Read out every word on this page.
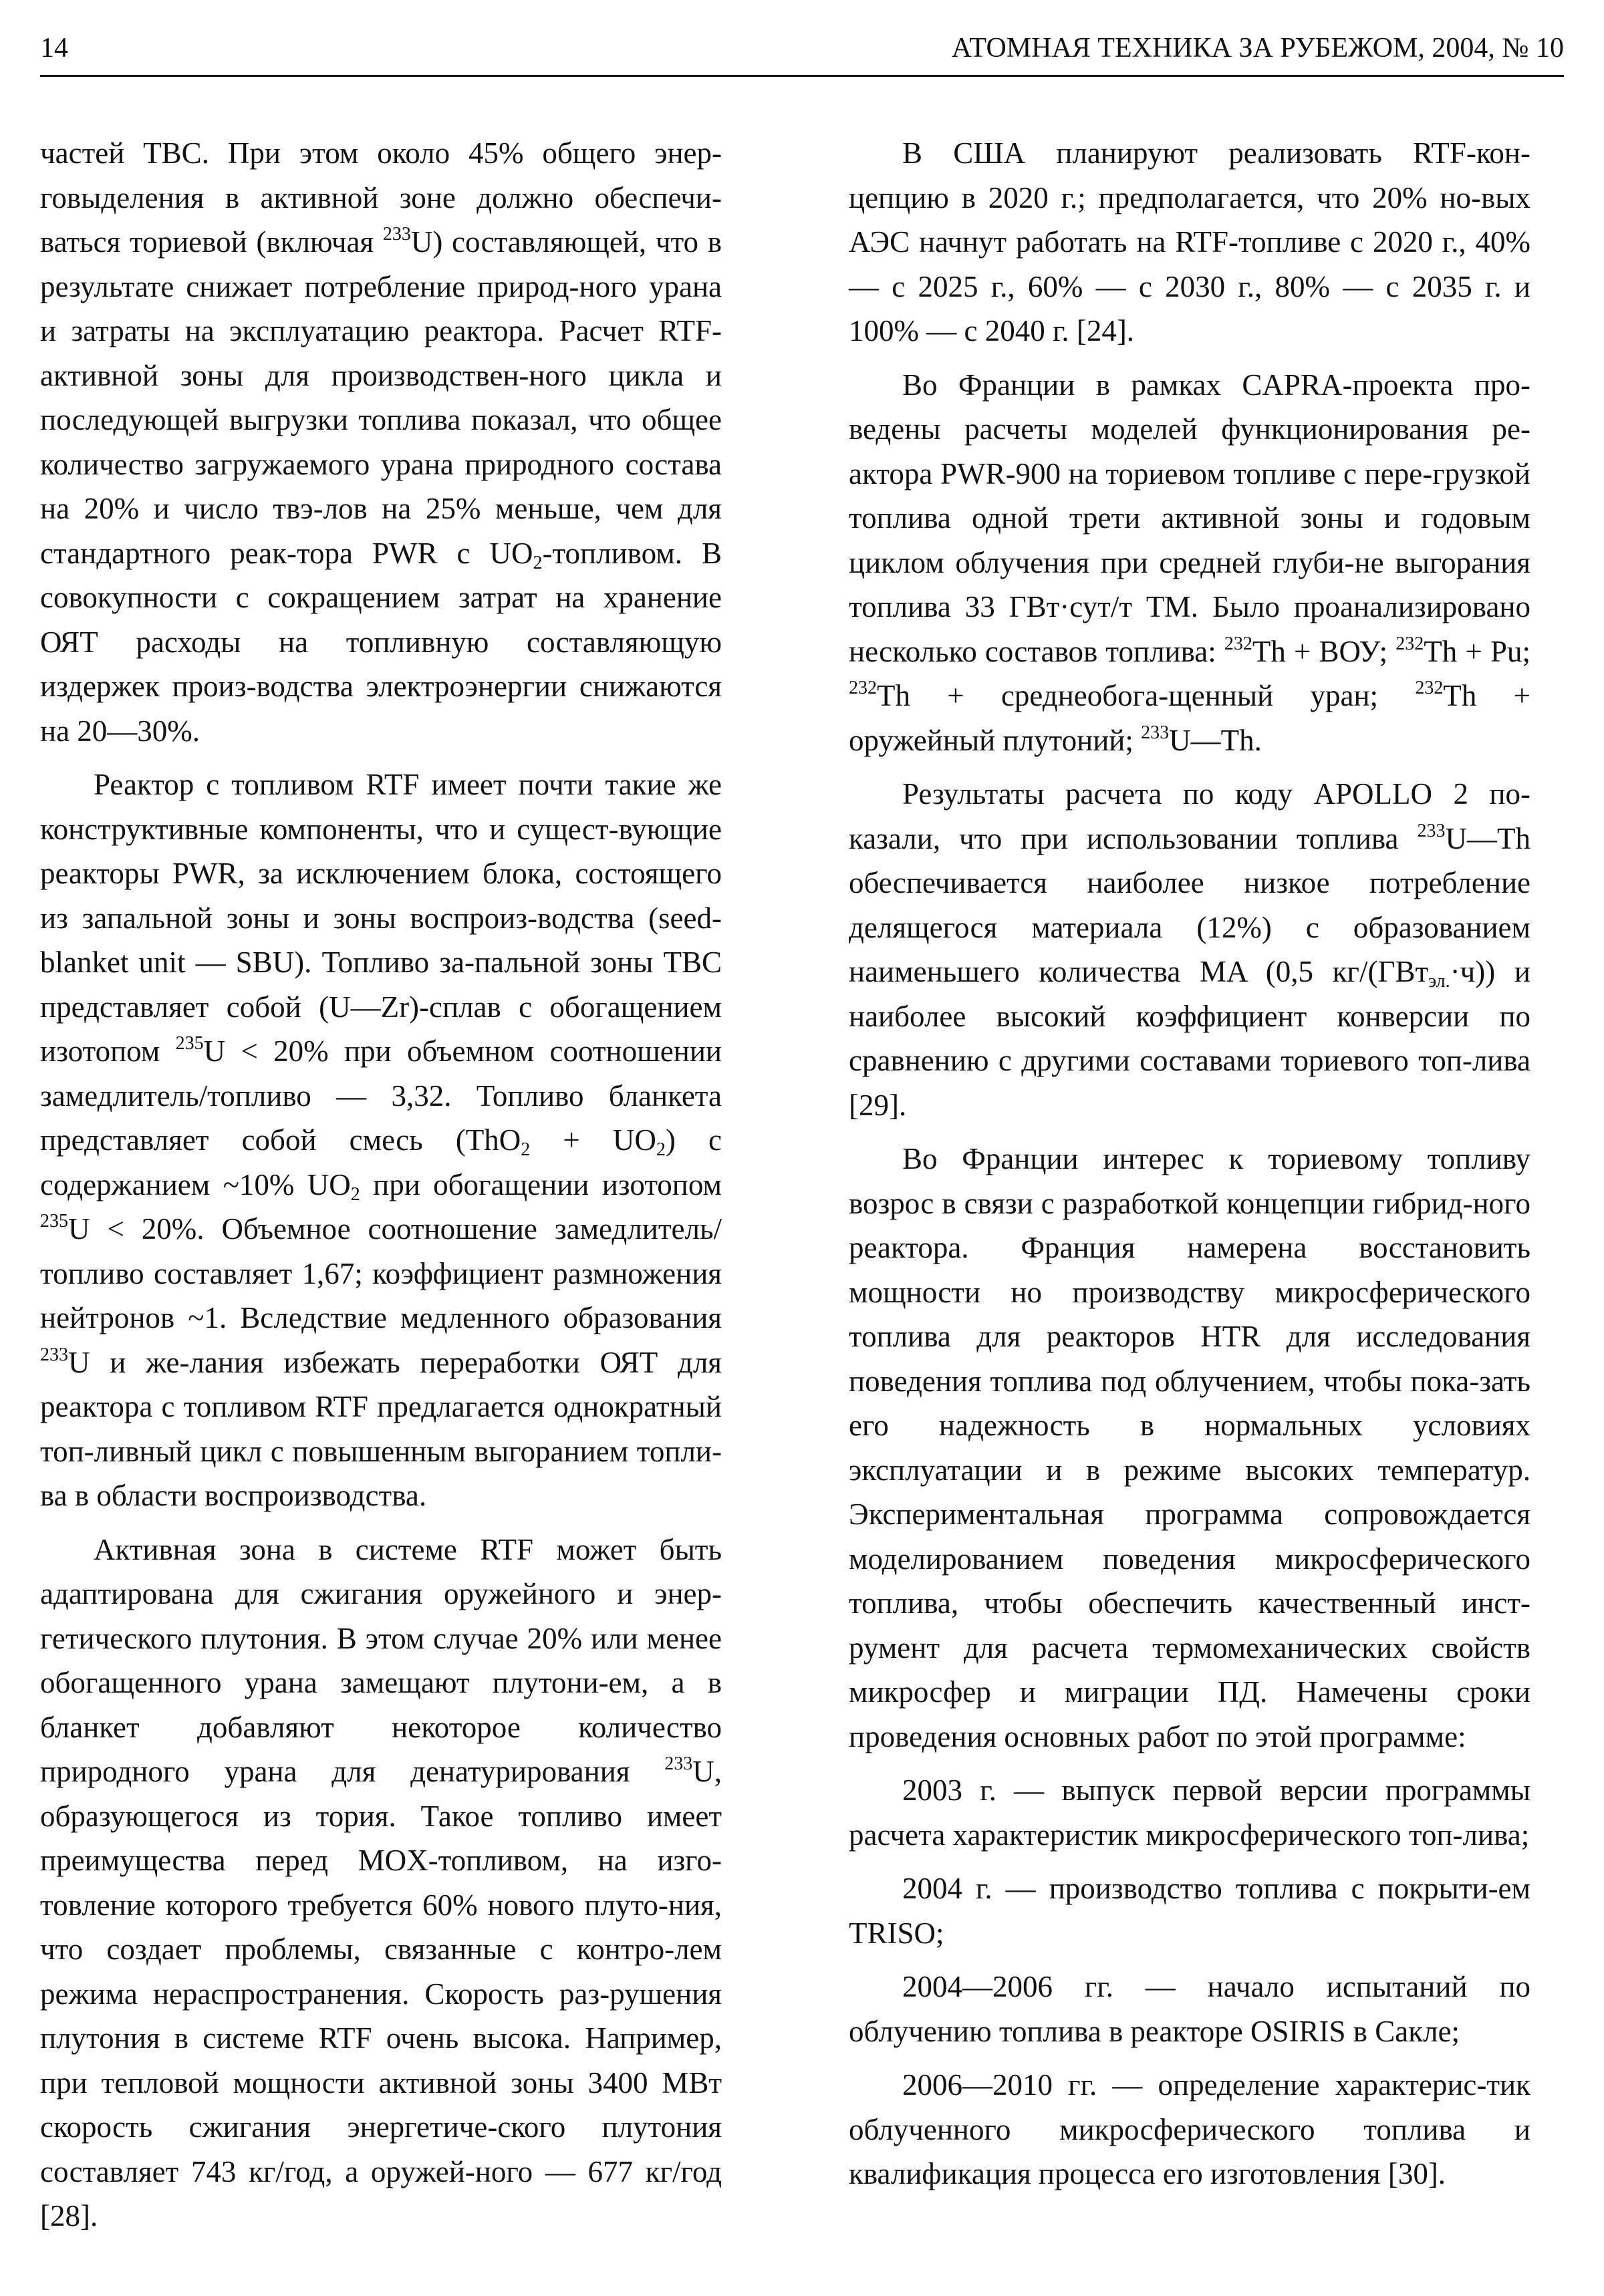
14	АТОМНАЯ ТЕХНИКА ЗА РУБЕЖОМ, 2004, № 10

частей ТВС. При этом около 45% общего энер-говыделения в активной зоне должно обеспечи-ваться ториевой (включая $^{233}$U) составляющей, что в результате снижает потребление природ-ного урана и затраты на эксплуатацию реактора. Расчет RTF-активной зоны для производствен-ного цикла и последующей выгрузки топлива показал, что общее количество загружаемого урана природного состава на 20% и число твэ-лов на 25% меньше, чем для стандартного реак-тора PWR с $UO_2$-топливом. В совокупности с сокращением затрат на хранение ОЯТ расходы на топливную составляющую издержек произ-водства электроэнергии снижаются на 20—30%.

Реактор с топливом RTF имеет почти такие же конструктивные компоненты, что и сущест-вующие реакторы PWR, за исключением блока, состоящего из запальной зоны и зоны воспроиз-водства (seed-blanket unit — SBU). Топливо за-пальной зоны ТВС представляет собой (U—Zr)-сплав с обогащением изотопом $^{235}$U < 20% при объемном соотношении замедлитель/топливо — 3,32. Топливо бланкета представляет собой смесь $(ThO_2 + UO_2)$ с содержанием ~10% $UO_2$ при обогащении изотопом $^{235}$U < 20%. Объемное соотношение замедлитель/топливо составляет 1,67; коэффициент размножения нейтронов ~1. Вследствие медленного образования $^{233}$U и же-лания избежать переработки ОЯТ для реактора с топливом RTF предлагается однократный топ-ливный цикл с повышенным выгоранием топли-ва в области воспроизводства.

Активная зона в системе RTF может быть адаптирована для сжигания оружейного и энер-гетического плутония. В этом случае 20% или менее обогащенного урана замещают плутони-ем, а в бланкет добавляют некоторое количество природного урана для денатурирования $^{233}$U, образующегося из тория. Такое топливо имеет преимущества перед MOX-топливом, на изго-товление которого требуется 60% нового плуто-ния, что создает проблемы, связанные с контро-лем режима нераспространения. Скорость раз-рушения плутония в системе RTF очень высока. Например, при тепловой мощности активной зоны 3400 МВт скорость сжигания энергетиче-ского плутония составляет 743 кг/год, а оружей-ного — 677 кг/год [28].

В США планируют реализовать RTF-кон-цепцию в 2020 г.; предполагается, что 20% но-вых АЭС начнут работать на RTF-топливе с 2020 г., 40% — с 2025 г., 60% — с 2030 г., 80% — с 2035 г. и 100% — с 2040 г. [24].

Во Франции в рамках CAPRA-проекта про-ведены расчеты моделей функционирования ре-актора PWR-900 на ториевом топливе с пере-грузкой топлива одной трети активной зоны и годовым циклом облучения при средней глуби-не выгорания топлива 33 ГВт·сут/т ТМ. Было проанализировано несколько составов топлива: $^{232}$Th + ВОУ; $^{232}$Th + Pu; $^{232}$Th + среднеобога-щенный уран; $^{232}$Th + оружейный плутоний; $^{233}$U—Th.

Результаты расчета по коду APOLLO 2 по-казали, что при использовании топлива $^{233}$U—Th обеспечивается наиболее низкое потребление делящегося материала (12%) с образованием наименьшего количества MA (0,5 кг/(ГВт$_{эл.}$·ч)) и наиболее высокий коэффициент конверсии по сравнению с другими составами ториевого топ-лива [29].

Во Франции интерес к ториевому топливу возрос в связи с разработкой концепции гибрид-ного реактора. Франция намерена восстановить мощности но производству микросферического топлива для реакторов HTR для исследования поведения топлива под облучением, чтобы пока-зать его надежность в нормальных условиях эксплуатации и в режиме высоких температур. Экспериментальная программа сопровождается моделированием поведения микросферического топлива, чтобы обеспечить качественный инст-румент для расчета термомеханических свойств микросфер и миграции ПД. Намечены сроки проведения основных работ по этой программе:

2003 г. — выпуск первой версии программы расчета характеристик микросферического топ-лива;

2004 г. — производство топлива с покрыти-ем TRISO;

2004—2006 гг. — начало испытаний по облучению топлива в реакторе OSIRIS в Сакле;

2006—2010 гг. — определение характерис-тик облученного микросферического топлива и квалификация процесса его изготовления [30].
